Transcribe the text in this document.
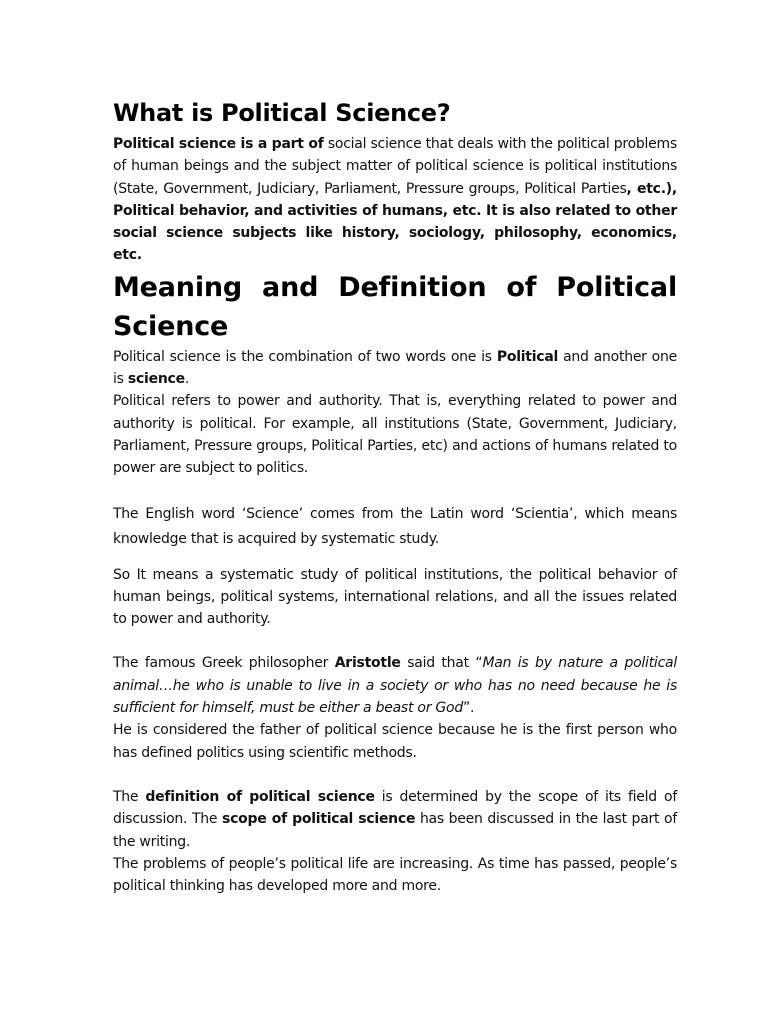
What is Political Science?

Political science is a part of social science that deals with the political problems of human beings and the subject matter of political science is political institutions (State, Government, Judiciary, Parliament, Pressure groups, Political Parties, etc.), Political behavior, and activities of humans, etc. It is also related to other social science subjects like history, sociology, philosophy, economics, etc.

Meaning and Definition of Political Science

Political science is the combination of two words one is Political and another one is science.

Political refers to power and authority. That is, everything related to power and authority is political. For example, all institutions (State, Government, Judiciary, Parliament, Pressure groups, Political Parties, etc) and actions of humans related to power are subject to politics.

The English word ‘Science’ comes from the Latin word ‘Scientia’, which means knowledge that is acquired by systematic study.

So It means a systematic study of political institutions, the political behavior of human beings, political systems, international relations, and all the issues related to power and authority.

The famous Greek philosopher Aristotle said that “Man is by nature a political animal…he who is unable to live in a society or who has no need because he is sufficient for himself, must be either a beast or God”.

He is considered the father of political science because he is the first person who has defined politics using scientific methods.

The definition of political science is determined by the scope of its field of discussion. The scope of political science has been discussed in the last part of the writing.

The problems of people’s political life are increasing. As time has passed, people’s political thinking has developed more and more.
